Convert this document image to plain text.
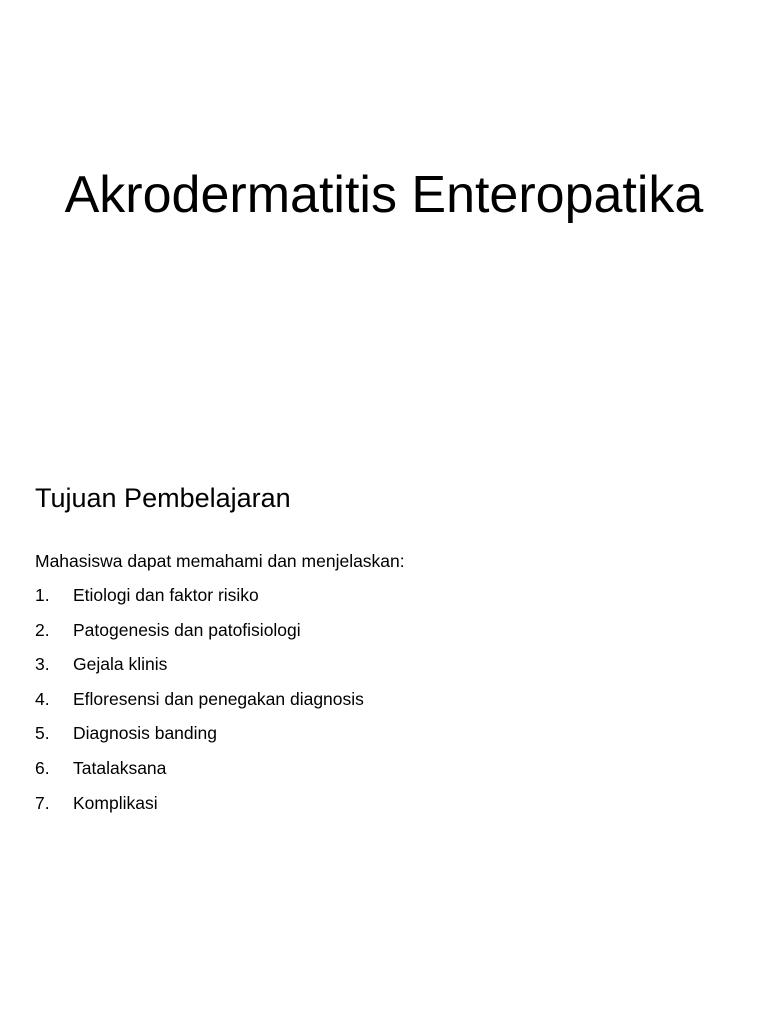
Akrodermatitis Enteropatika
Tujuan Pembelajaran

Mahasiswa dapat memahami dan menjelaskan:

1.	Etiologi dan faktor risiko
2.	Patogenesis dan patofisiologi
3.	Gejala klinis
4.	Efloresensi dan penegakan diagnosis
5.	Diagnosis banding
6.	Tatalaksana
7.	Komplikasi
